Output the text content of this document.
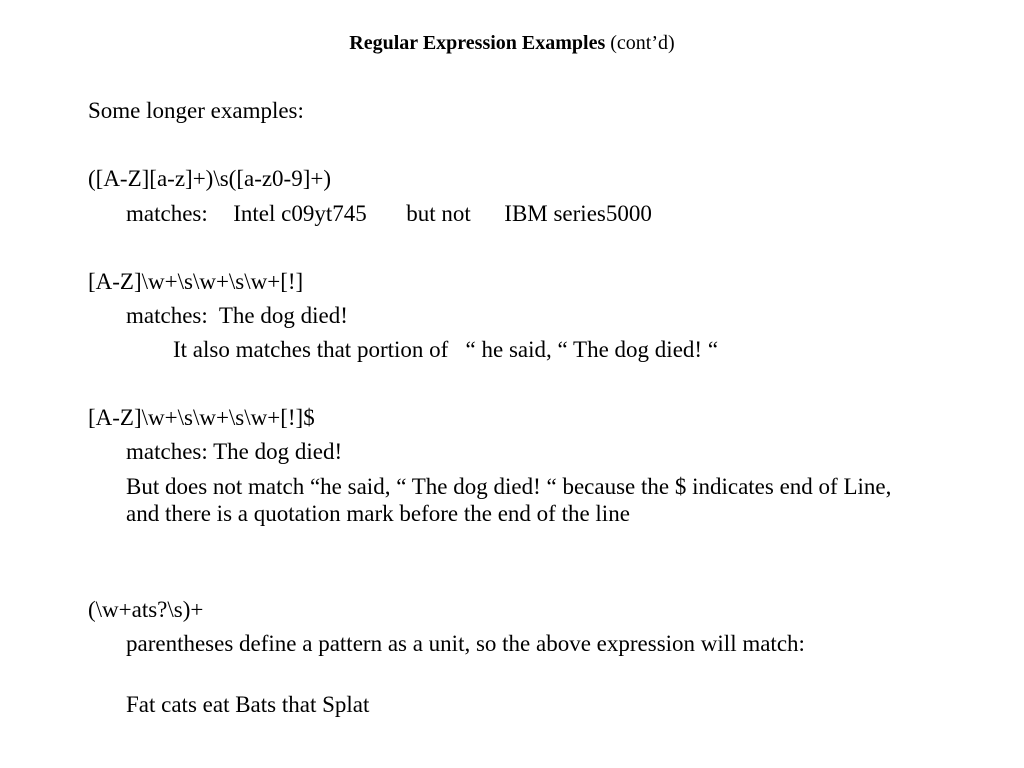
Regular Expression Examples (cont’d)
Some longer examples:
([A-Z][a-z]+)\s([a-z0-9]+)
matches: Intel c09yt745 but not IBM series5000
[A-Z]\w+\s\w+\s\w+[!]
matches:  The dog died!
It also matches that portion of   “ he said, “ The dog died! “
[A-Z]\w+\s\w+\s\w+[!]$
matches: The dog died!
But does not match “he said, “ The dog died! “ because the $ indicates end of Line, and there is a quotation mark before the end of the line
(\w+ats?\s)+
parentheses define a pattern as a unit, so the above expression will match:
Fat cats eat Bats that Splat
